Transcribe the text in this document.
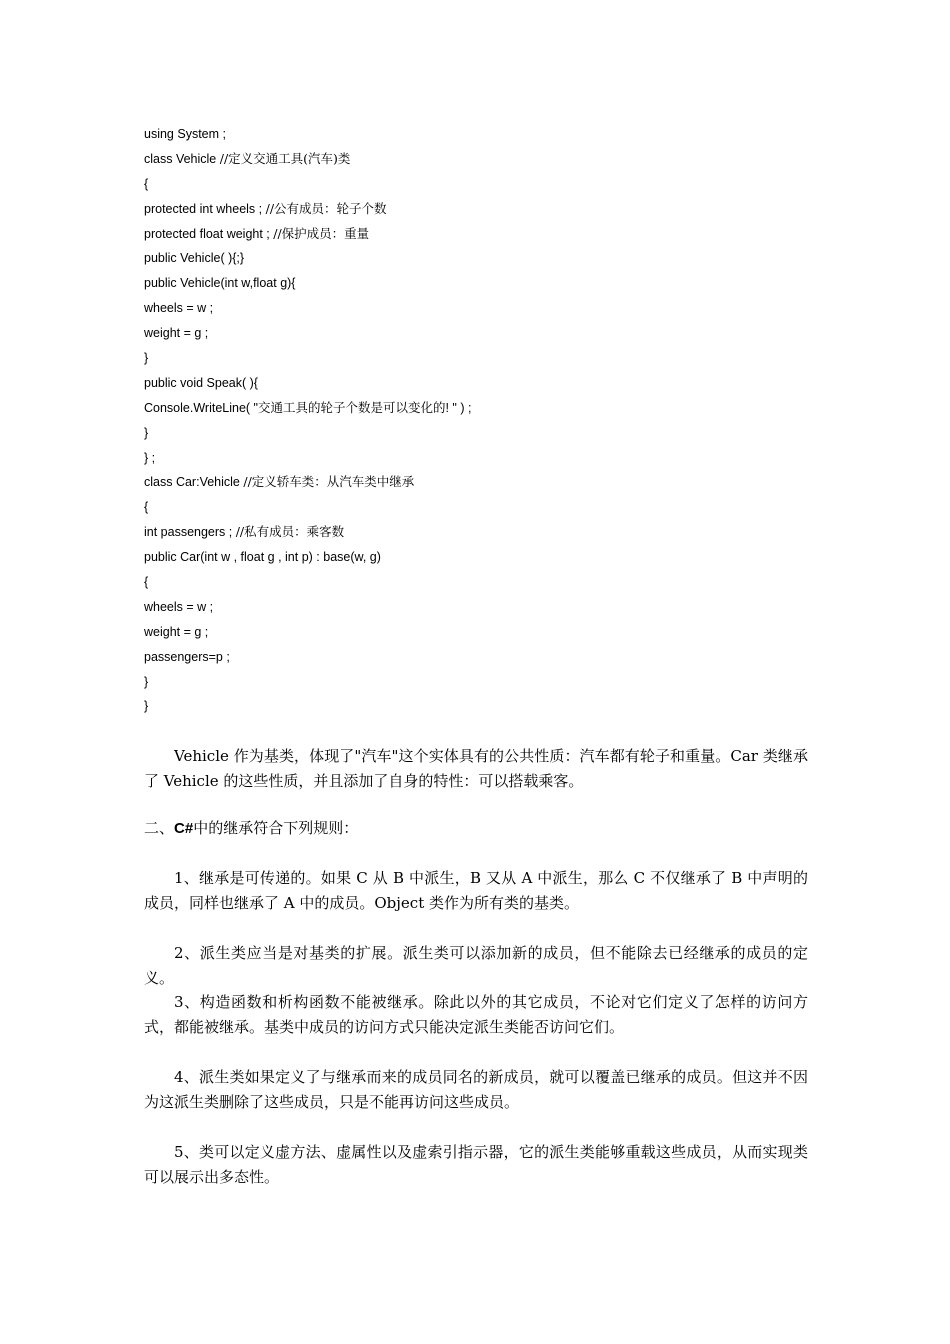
using System ;
class Vehicle //定义交通工具(汽车)类
{
protected int wheels ; //公有成员：轮子个数
protected float weight ; //保护成员：重量
public Vehicle( ){;}
public Vehicle(int w,float g){
wheels = w ;
weight = g ;
}
public void Speak( ){
Console.WriteLine( "交通工具的轮子个数是可以变化的! " ) ;
}
} ;
class Car:Vehicle //定义轿车类：从汽车类中继承
{
int passengers ; //私有成员：乘客数
public Car(int w , float g , int p) : base(w, g)
{
wheels = w ;
weight = g ;
passengers=p ;
}
}

Vehicle 作为基类，体现了"汽车"这个实体具有的公共性质：汽车都有轮子和重量。Car 类继承了 Vehicle 的这些性质，并且添加了自身的特性：可以搭载乘客。

二、C#中的继承符合下列规则：

1、继承是可传递的。如果 C 从 B 中派生，B 又从 A 中派生，那么 C 不仅继承了 B 中声明的成员，同样也继承了 A 中的成员。Object 类作为所有类的基类。

2、派生类应当是对基类的扩展。派生类可以添加新的成员，但不能除去已经继承的成员的定义。

3、构造函数和析构函数不能被继承。除此以外的其它成员，不论对它们定义了怎样的访问方式，都能被继承。基类中成员的访问方式只能决定派生类能否访问它们。

4、派生类如果定义了与继承而来的成员同名的新成员，就可以覆盖已继承的成员。但这并不因为这派生类删除了这些成员，只是不能再访问这些成员。

5、类可以定义虚方法、虚属性以及虚索引指示器，它的派生类能够重载这些成员，从而实现类可以展示出多态性。
